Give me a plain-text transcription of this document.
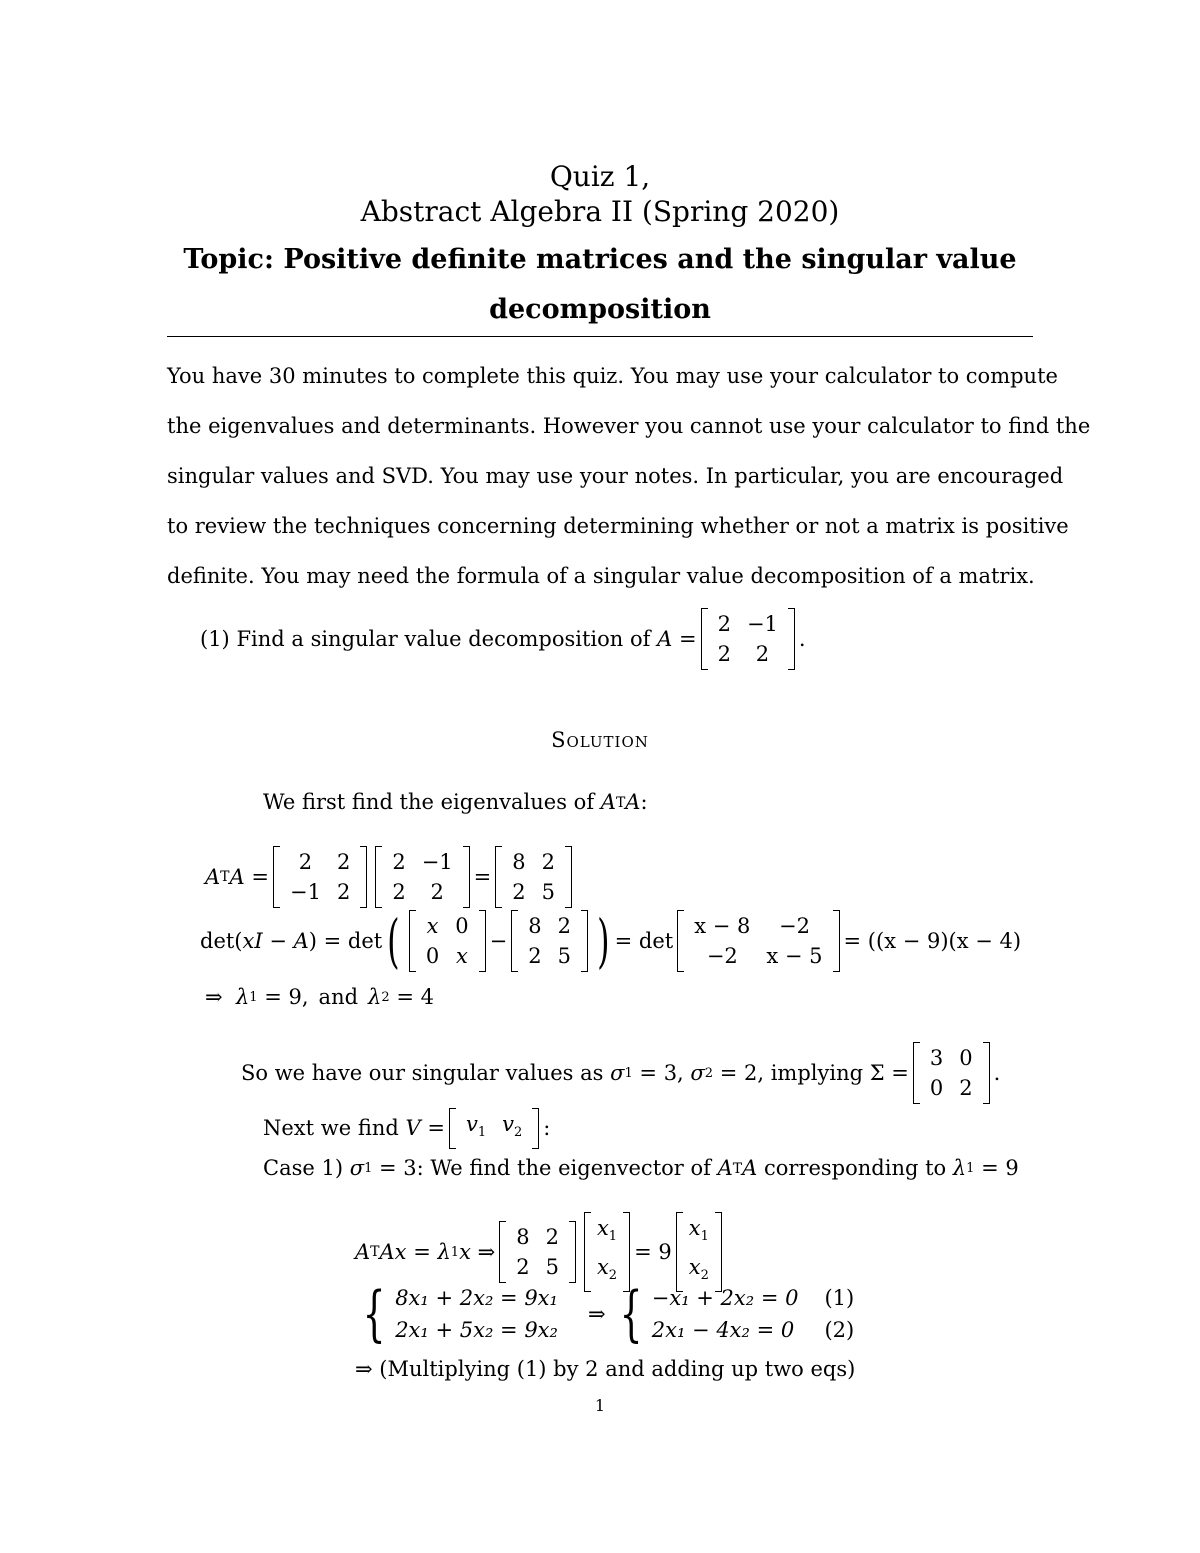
Quiz 1,
Abstract Algebra II (Spring 2020)
Topic: Positive definite matrices and the singular value
decomposition
You have 30 minutes to complete this quiz. You may use your calculator to compute
the eigenvalues and determinants. However you cannot use your calculator to find the
singular values and SVD. You may use your notes. In particular, you are encouraged
to review the techniques concerning determining whether or not a matrix is positive
definite. You may need the formula of a singular value decomposition of a matrix.
(1)
Find a singular value decomposition of
A =
2	−1
2	2
.
Solution
We first find the eigenvalues of
A T A :
A T A =
2	2
−1	2
2	−1
2	2
=
8	2
2	5
det( xI − A ) = det ( x	0
0	x
−
8	2
2	5 ) = det
x − 8	−2
−2	x − 5
= ((x − 9)(x − 4)
⇒ λ 1
= 9, and λ 2
= 4
So we have our singular values as
σ 1
= 3,
σ 2
= 2, implying Σ =
3	0
0	2
.
Next we find
$V = v_1$	$v_2$ :
Case 1)
σ 1
= 3: We find the eigenvector of
A T A
corresponding to
λ 1
= 9
A T Ax = λ 1 x ⇒
8	2
2	5
$x_1$
$x_2$
= 9
$x_1$
$x_2$
{ 8x₁ + 2x₂ = 9x₁
2x₁ + 5x₂ = 9x₂
⇒ { −x₁ + 2x₂ = 0
2x₁ − 4x₂ = 0
(1)
(2)
⇒ (Multiplying (1) by 2 and adding up two eqs)
1
